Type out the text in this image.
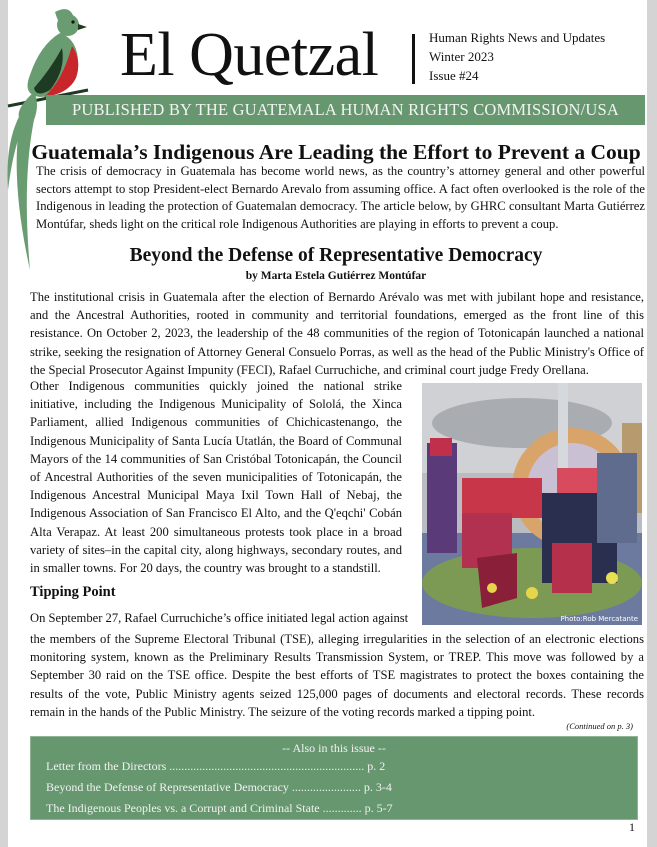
El Quetzal	Human Rights News and Updates
Winter 2023
Issue #24
PUBLISHED BY THE GUATEMALA HUMAN RIGHTS COMMISSION/USA
Guatemala’s Indigenous Are Leading the Effort to Prevent a Coup
The crisis of democracy in Guatemala has become world news, as the country’s attorney general and other powerful sectors attempt to stop President-elect Bernardo Arevalo from assuming office. A fact often overlooked is the role of the Indigenous in leading the protection of Guatemalan democracy. The article below, by GHRC consultant Marta Gutiérrez Montúfar, sheds light on the critical role Indigenous Authorities are playing in efforts to prevent a coup.
Beyond the Defense of Representative Democracy
by Marta Estela Gutiérrez Montúfar
The institutional crisis in Guatemala after the election of Bernardo Arévalo was met with jubilant hope and resistance, and the Ancestral Authorities, rooted in community and territorial foundations, emerged as the front line of this resistance. On October 2, 2023, the leadership of the 48 communities of the region of Totonicapán launched a national strike, seeking the resignation of Attorney General Consuelo Porras, as well as the head of the Public Ministry's Office of the Special Prosecutor Against Impunity (FECI), Rafael Curruchiche, and criminal court judge Fredy Orellana.
Other Indigenous communities quickly joined the national strike initiative, including the Indigenous Municipality of Sololá, the Xinca Parliament, allied Indigenous communities of Chichicastenango, the Indigenous Municipality of Santa Lucía Utatlán, the Board of Communal Mayors of the 14 communities of San Cristóbal Totonicapán, the Council of Ancestral Authorities of the seven municipalities of Totonicapán, the Indigenous Ancestral Municipal Maya Ixil Town Hall of Nebaj, the Indigenous Association of San Francisco El Alto, and the Q'eqchi' Cobán Alta Verapaz. At least 200 simultaneous protests took place in a broad variety of sites–in the capital city, along highways, secondary routes, and in smaller towns. For 20 days, the country was brought to a standstill.
Photo:Rob Mercatante
Tipping Point
On September 27, Rafael Curruchiche’s office initiated legal action against
the members of the Supreme Electoral Tribunal (TSE), alleging irregularities in the selection of an electronic elections monitoring system, known as the Preliminary Results Transmission System, or TREP. This move was followed by a September 30 raid on the TSE office. Despite the best efforts of TSE magistrates to protect the boxes containing the results of the vote, Public Ministry agents seized 125,000 pages of documents and electoral records. These records remain in the hands of the Public Ministry. The seizure of the voting records marked a tipping point.
(Continued on p. 3)
-- Also in this issue --
Letter from the Directors ................................................................. p. 2
Beyond the Defense of Representative Democracy ....................... p. 3-4
The Indigenous Peoples vs. a Corrupt and Criminal State ............. p. 5-7
1
